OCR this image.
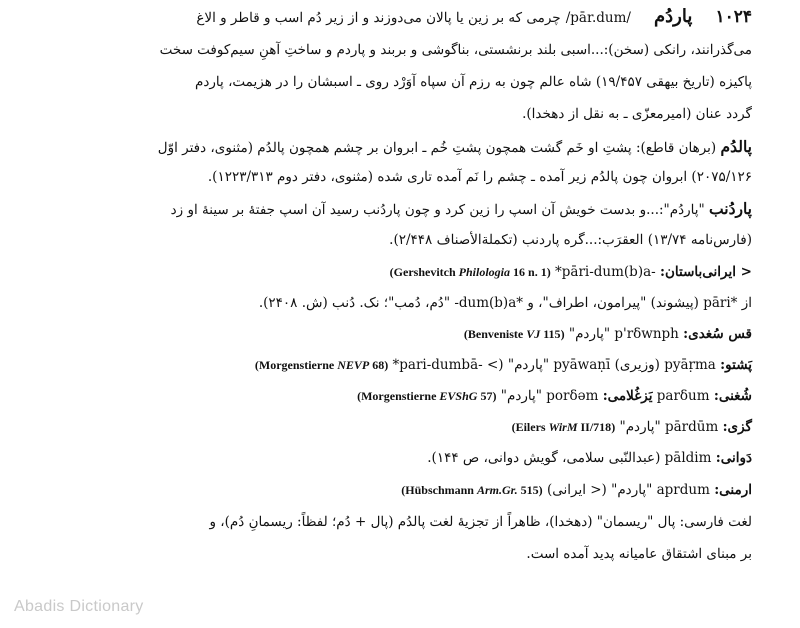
۱۰۲۴ پاردُم /pār.dum/ چرمی که بر زین یا پالان می‌دوزند و از زیر دُم اسب و قاطر و الاغ
می‌گذرانند، رانکی (سخن):...اسبی بلند برنشستی، بناگوشی و بربند و پاردم و ساختِ آهنِ سیم‌کوفت سخت
پاکیزه (تاریخ بیهقی ۱۹/۴۵۷) شاه عالم چون به رزم آن سپاه آوَرْد روی ـ اسبشان را در هزیمت، پاردم
گردد عنان (امیرمعزّی ـ به نقل از دهخدا).
پالدُم (برهان قاطع): پشتِ او خَم گشت همچون پشتِ خُم ـ ابروان بر چشم همچون پالدُم (مثنوی، دفتر اوّل
۲۰۷۵/۱۲۶) ابروان چون پالدُم زیر آمده ـ چشم را نَم آمده تاری شده (مثنوی، دفتر دوم ۱۲۲۳/۳۱۳).
پاردُنب "پاردُم":...و بدست خویش آن اسپ را زین کرد و چون پاردُنب رسید آن اسپ جفتهٔ بر سینهٔ او زد
(فارس‌نامه ۱۳/۷۴) العقرَب:...گره پاردنب (تکملة‌الأصناف ۲/۴۴۸).
< ایرانی‌باستان: *pāri-dum(b)a- (Gershevitch Philologia 16 n. 1)
از pāri* (پیشوند) "پیرامون، اطراف"، و -dum(b)a* "دُم، دُمب"؛ نک. دُنب (ش. ۲۴۰۸).
قس سُغدی: p'rδwnph "پاردم" (Benveniste VJ 115)
پَشتو: pyāṛma (وزیری) pyāwaṇī "پاردم" (> *pari-dumbā- (Morgenstierne NEVP 68)
شُغنی: parδum یَزغُلامی: porδəm "پاردم" (Morgenstierne EVShG 57)
گزی: pārdūm "پاردم" (Eilers WirM II/718)
دَوانی: pāldim (عبدالنّبی سلامی، گویش دوانی، ص ۱۴۴).
ارمنی: aprdum "پاردم" (< ایرانی) (Hübschmann Arm.Gr. 515)
لغت فارسی: پال "ریسمان" (دهخدا)، ظاهراً از تجزیهٔ لغت پالدُم (پال + دُم؛ لفظاً: ریسمانِ دُم)، و
بر مبنای اشتقاق عامیانه پدید آمده است.
Abadis Dictionary
